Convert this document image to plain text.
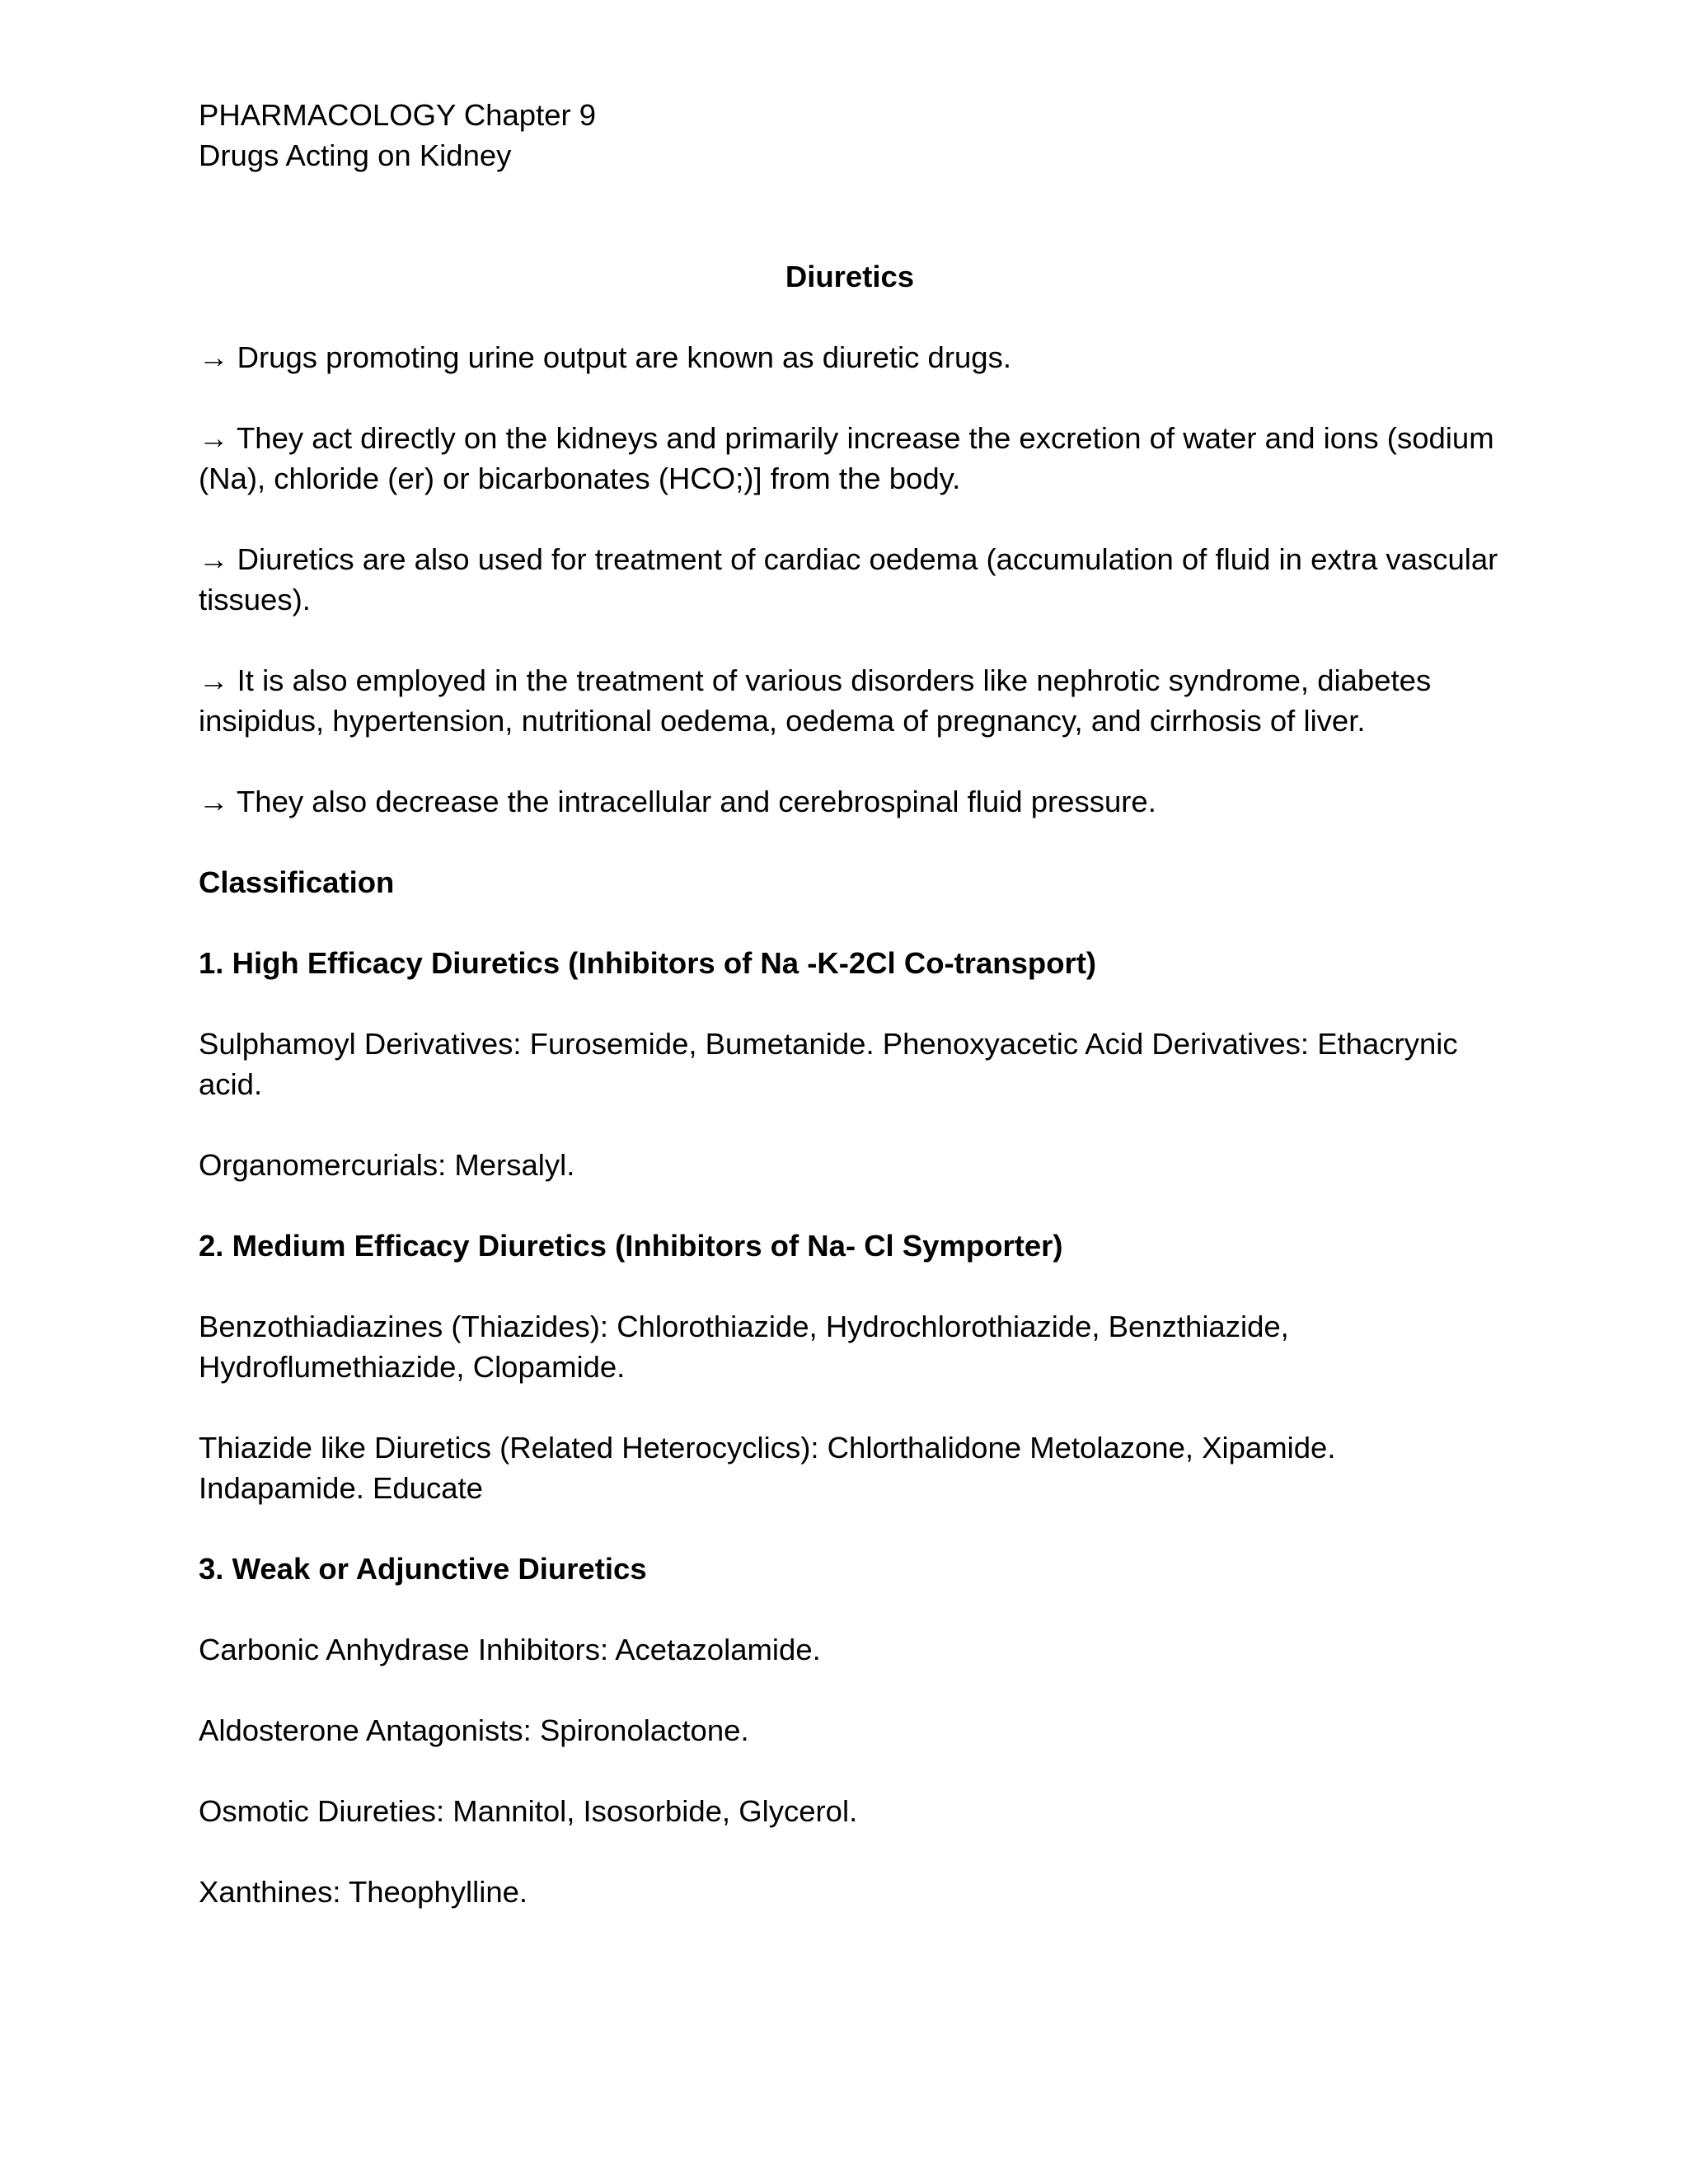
PHARMACOLOGY Chapter 9

Drugs Acting on Kidney

Diuretics

→ Drugs promoting urine output are known as diuretic drugs.

→ They act directly on the kidneys and primarily increase the excretion of water and ions (sodium (Na), chloride (er) or bicarbonates (HCO;)] from the body.

→ Diuretics are also used for treatment of cardiac oedema (accumulation of fluid in extra vascular tissues).

→ It is also employed in the treatment of various disorders like nephrotic syndrome, diabetes insipidus, hypertension, nutritional oedema, oedema of pregnancy, and cirrhosis of liver.

→ They also decrease the intracellular and cerebrospinal fluid pressure.

Classification

1. High Efficacy Diuretics (Inhibitors of Na -K-2Cl Co-transport)

Sulphamoyl Derivatives: Furosemide, Bumetanide. Phenoxyacetic Acid Derivatives: Ethacrynic acid.

Organomercurials: Mersalyl.

2. Medium Efficacy Diuretics (Inhibitors of Na- Cl Symporter)

Benzothiadiazines (Thiazides): Chlorothiazide, Hydrochlorothiazide, Benzthiazide, Hydroflumethiazide, Clopamide.

Thiazide like Diuretics (Related Heterocyclics): Chlorthalidone Metolazone, Xipamide. Indapamide. Educate

3. Weak or Adjunctive Diuretics

Carbonic Anhydrase Inhibitors: Acetazolamide.

Aldosterone Antagonists: Spironolactone.

Osmotic Diureties: Mannitol, Isosorbide, Glycerol.

Xanthines: Theophylline.
